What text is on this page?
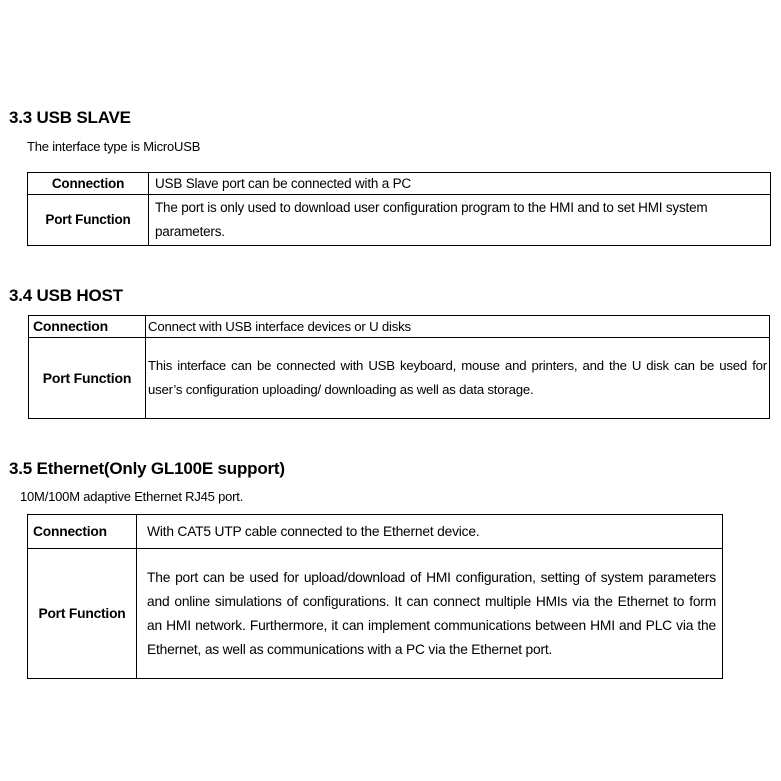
3.3 USB SLAVE
The interface type is MicroUSB
Connection	USB Slave port can be connected with a PC
Port Function	The port is only used to download user configuration program to the HMI and to set HMI system parameters.
3.4 USB HOST
Connection	Connect with USB interface devices or U disks
Port Function	This interface can be connected with USB keyboard, mouse and printers, and the U disk can be used for user’s configuration uploading/ downloading as well as data storage.
3.5 Ethernet(Only GL100E support)
10M/100M adaptive Ethernet RJ45 port.
Connection	With CAT5 UTP cable connected to the Ethernet device.
Port Function	The port can be used for upload/download of HMI configuration, setting of system parameters and online simulations of configurations. It can connect multiple HMIs via the Ethernet to form an HMI network. Furthermore, it can implement communications between HMI and PLC via the Ethernet, as well as communications with a PC via the Ethernet port.
